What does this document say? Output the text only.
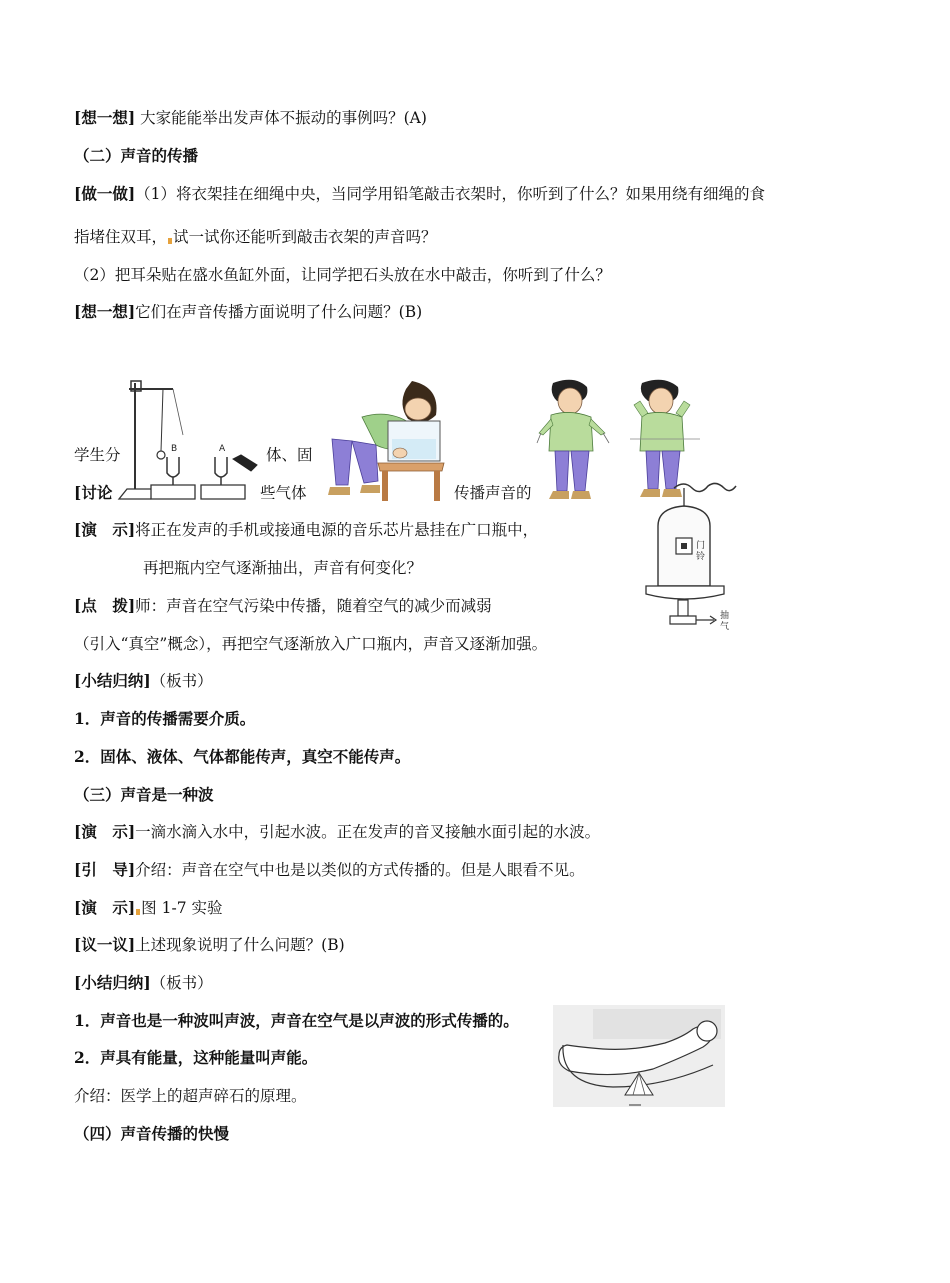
[想一想] 大家能能举出发声体不振动的事例吗？(A)
（二）声音的传播
[做一做]（1）将衣架挂在细绳中央，当同学用铅笔敲击衣架时，你听到了什么？如果用绕有细绳的食
指堵住双耳， 试一试你还能听到敲击衣架的声音吗？
（2）把耳朵贴在盛水鱼缸外面，让同学把石头放在水中敲击，你听到了什么？
[想一想]它们在声音传播方面说明了什么问题？(B)
学生分	体、固
[讨论	些气体	传播声音的
[演　示]将正在发声的手机或接通电源的音乐芯片悬挂在广口瓶中，
再把瓶内空气逐渐抽出，声音有何变化？
[点　拨]师：声音在空气污染中传播，随着空气的减少而减弱
（引入“真空”概念），再把空气逐渐放入广口瓶内，声音又逐渐加强。
[小结归纳]（板书）
1．声音的传播需要介质。
2．固体、液体、气体都能传声，真空不能传声。
（三）声音是一种波
[演　示]一滴水滴入水中，引起水波。正在发声的音叉接触水面引起的水波。
[引　导]介绍：声音在空气中也是以类似的方式传播的。但是人眼看不见。
[演　示] 图 1-7 实验
[议一议]上述现象说明了什么问题？(B)
[小结归纳]（板书）
1．声音也是一种波叫声波，声音在空气是以声波的形式传播的。
2．声具有能量，这种能量叫声能。
介绍：医学上的超声碎石的原理。
（四）声音传播的快慢
B	A
门铃
抽气
